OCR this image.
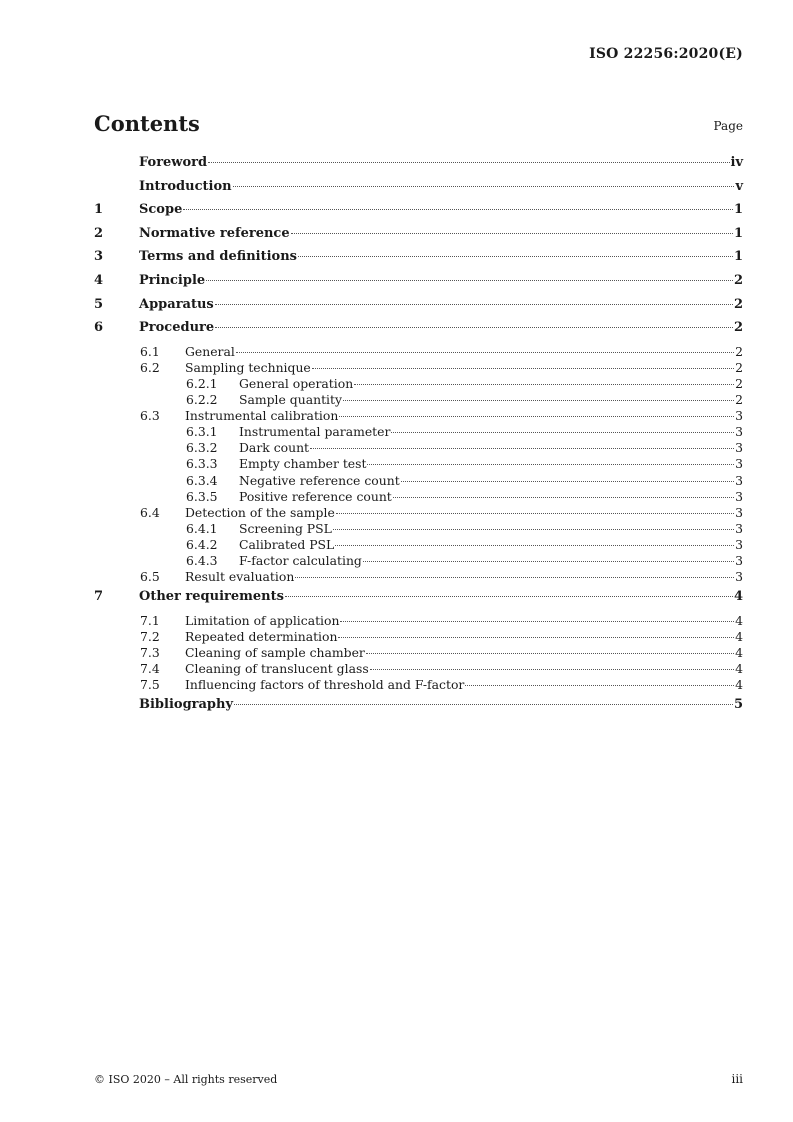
ISO 22256:2020(E)
Contents	Page
Foreword	iv
Introduction	v
1	Scope	1
2	Normative reference	1
3	Terms and definitions	1
4	Principle	2
5	Apparatus	2
6	Procedure	2
6.1	General	2
6.2	Sampling technique	2
6.2.1	General operation	2
6.2.2	Sample quantity	2
6.3	Instrumental calibration	3
6.3.1	Instrumental parameter	3
6.3.2	Dark count	3
6.3.3	Empty chamber test	3
6.3.4	Negative reference count	3
6.3.5	Positive reference count	3
6.4	Detection of the sample	3
6.4.1	Screening PSL	3
6.4.2	Calibrated PSL	3
6.4.3	F-factor calculating	3
6.5	Result evaluation	3
7	Other requirements	4
7.1	Limitation of application	4
7.2	Repeated determination	4
7.3	Cleaning of sample chamber	4
7.4	Cleaning of translucent glass	4
7.5	Influencing factors of threshold and F-factor	4
Bibliography	5
© ISO 2020 – All rights reserved	iii
